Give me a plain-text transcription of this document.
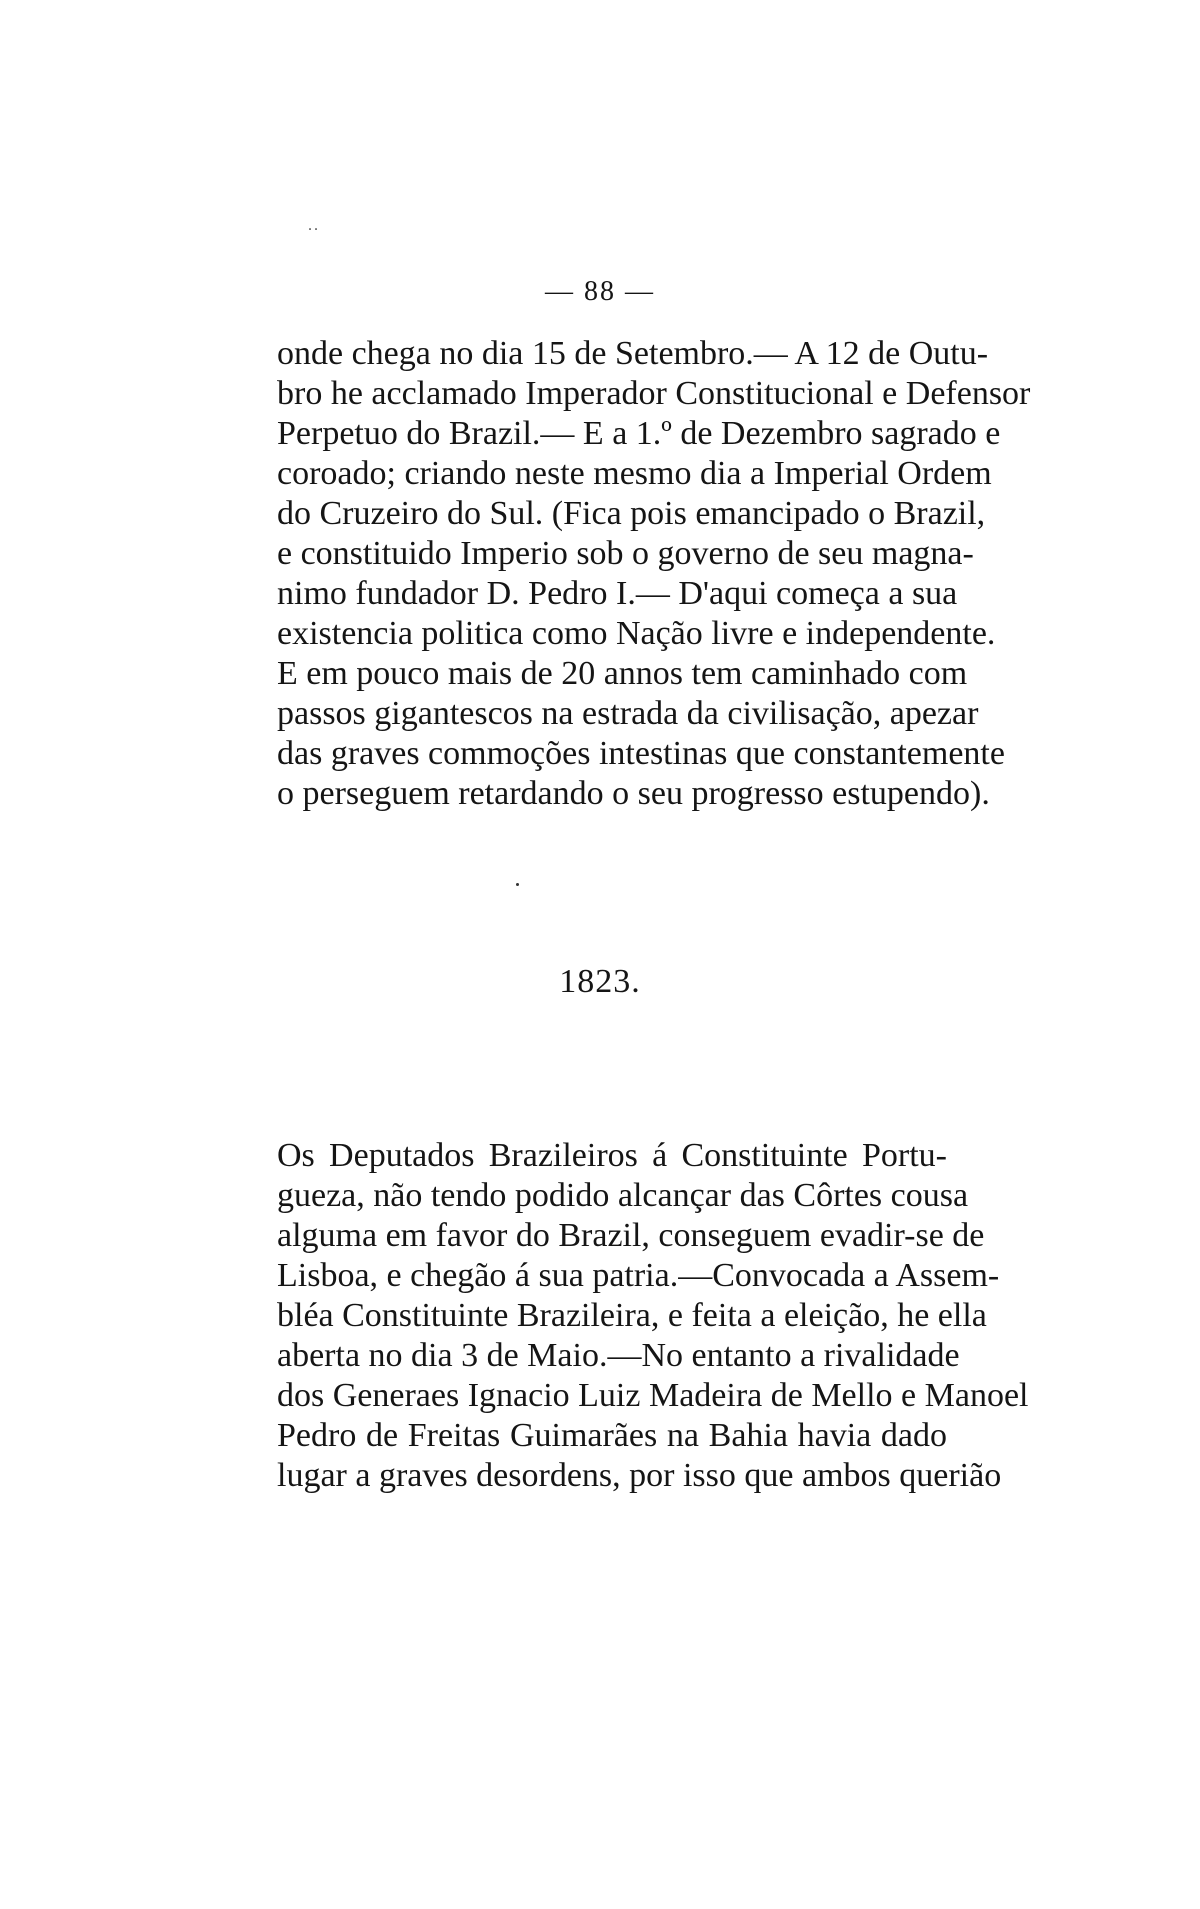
˙˙
— 88 —
onde chega no dia 15 de Setembro.— A 12 de Outu-
bro he acclamado Imperador Constitucional e Defensor
Perpetuo do Brazil.— E a 1.º de Dezembro sagrado e
coroado; criando neste mesmo dia a Imperial Ordem
do Cruzeiro do Sul. (Fica pois emancipado o Brazil,
e constituido Imperio sob o governo de seu magna-
nimo fundador D. Pedro I.— D'aqui começa a sua
existencia politica como Nação livre e independente.
E em pouco mais de 20 annos tem caminhado com
passos gigantescos na estrada da civilisação, apezar
das graves commoções intestinas que constantemente
o perseguem retardando o seu progresso estupendo).
1823.
Os Deputados Brazileiros á Constituinte Portu-
gueza, não tendo podido alcançar das Côrtes cousa
alguma em favor do Brazil, conseguem evadir-se de
Lisboa, e chegão á sua patria.—Convocada a Assem-
bléa Constituinte Brazileira, e feita a eleição, he ella
aberta no dia 3 de Maio.—No entanto a rivalidade
dos Generaes Ignacio Luiz Madeira de Mello e Manoel
Pedro de Freitas Guimarães na Bahia havia dado
lugar a graves desordens, por isso que ambos querião
